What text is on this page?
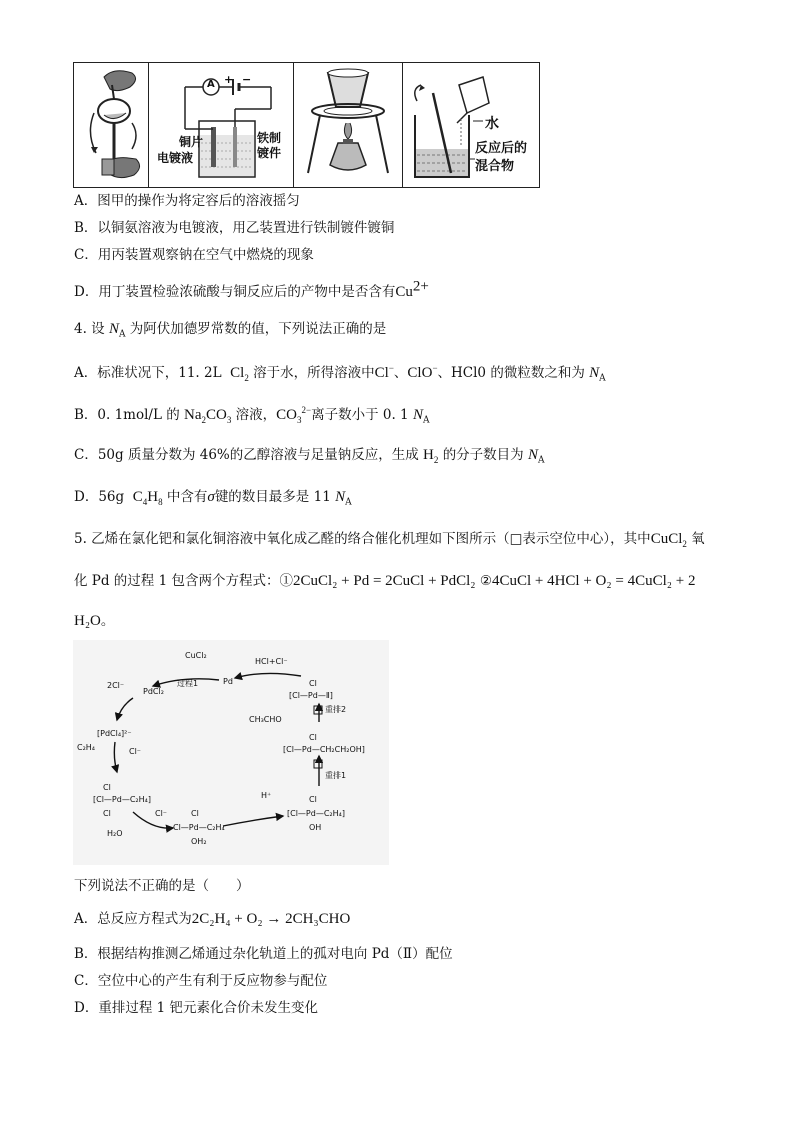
A + −
铜片
电镀液
铁制
镀件
水
反应后的
混合物
A．图甲的操作为将定容后的溶液摇匀
B．以铜氨溶液为电镀液，用乙装置进行铁制镀件镀铜
C．用丙装置观察钠在空气中燃烧的现象
D．用丁装置检验浓硫酸与铜反应后的产物中是否含有$Cu^{2+}$
4. 设 $N_A$ 为阿伏加德罗常数的值，下列说法正确的是
A．标准状况下，11. 2L $Cl_2$ 溶于水，所得溶液中Cl−、ClO−、HCl0 的微粒数之和为 $N_A$
B．0. 1mol/L 的 $Na_2CO_3$ 溶液，$CO_3^{2-}$离子数小于 0. 1 $N_A$
C．50g 质量分数为 46%的乙醇溶液与足量钠反应，生成 $H_2$ 的分子数目为 $N_A$
D．56g $C_4H_8$ 中含有σ键的数目最多是 11 $N_A$
5. 乙烯在氯化钯和氯化铜溶液中氧化成乙醛的络合催化机理如下图所示（□表示空位中心），其中CuCl$_2$ 氧
化 Pd 的过程 1 包含两个方程式：①2CuCl₂ + Pd = 2CuCl + PdCl₂ ②4CuCl + 4HCl + O₂ = 4CuCl₂ + 2
H₂O。
CuCl₂
Pd
HCl+Cl⁻
过程1
2Cl⁻
PdCl₂
[PdCl₄]²⁻
C₂H₄	Cl⁻
Cl
[Cl—Pd—C₂H₄]
Cl	Cl⁻
H₂O
Cl
Cl—Pd—C₂H₄
OH₂
H⁺	Cl
[Cl—Pd—C₂H₄]
OH
重排1
Cl
[Cl—Pd—CH₂CH₂OH]
CH₃CHO
重排2
Cl
[Cl—Pd—Ⅱ]
下列说法不正确的是（　　）
A．总反应方程式为2C₂H₄ + O₂ → 2CH₃CHO
B．根据结构推测乙烯通过杂化轨道上的孤对电向 Pd（Ⅱ）配位
C．空位中心的产生有利于反应物参与配位
D．重排过程 1 钯元素化合价未发生变化
